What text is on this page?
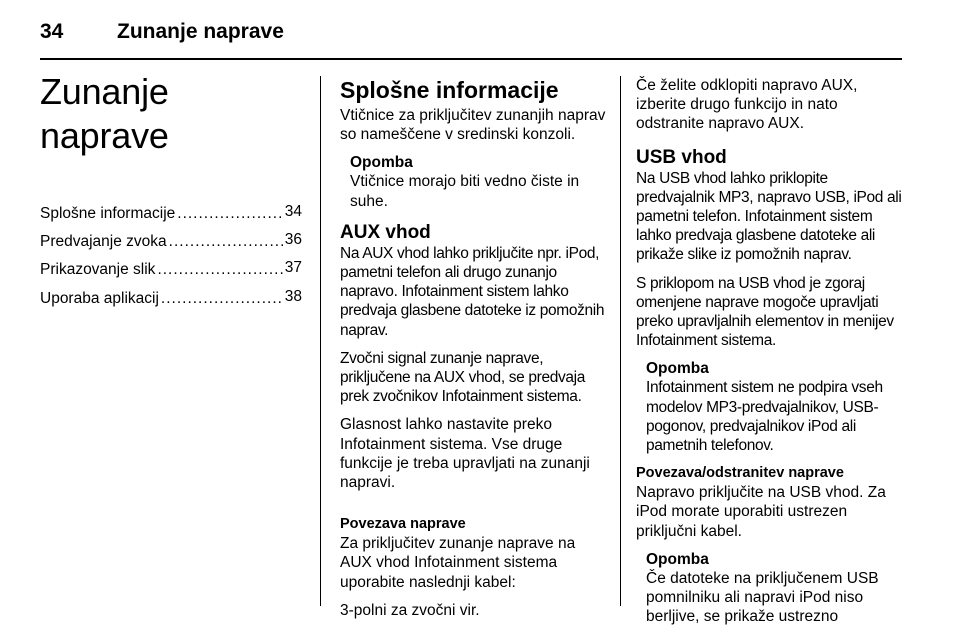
34	Zunanje naprave
Zunanje naprave
Splošne informacije .....	34
Predvajanje zvoka .....	36
Prikazovanje slik .....	37
Uporaba aplikacij .....	38
Splošne informacije

Vtičnice za priključitev zunanjih naprav so nameščene v sredinski konzoli.

Opomba
Vtičnice morajo biti vedno čiste in suhe.
AUX vhod

Na AUX vhod lahko priključite npr. iPod, pametni telefon ali drugo zunanjo napravo. Infotainment sistem lahko predvaja glasbene datoteke iz pomožnih naprav.

Zvočni signal zunanje naprave, priključene na AUX vhod, se predvaja prek zvočnikov Infotainment sistema.

Glasnost lahko nastavite preko Infotainment sistema. Vse druge funkcije je treba upravljati na zunanji napravi.

Povezava naprave

Za priključitev zunanje naprave na AUX vhod Infotainment sistema uporabite naslednji kabel:

3-polni za zvočni vir.

Če želite odklopiti napravo AUX, izberite drugo funkcijo in nato odstranite napravo AUX.

USB vhod

Na USB vhod lahko priklopite predvajalnik MP3, napravo USB, iPod ali pametni telefon. Infotainment sistem lahko predvaja glasbene datoteke ali prikaže slike iz pomožnih naprav.

S priklopom na USB vhod je zgoraj omenjene naprave mogoče upravljati preko upravljalnih elementov in menijev Infotainment sistema.

Opomba
Infotainment sistem ne podpira vseh modelov MP3-predvajalnikov, USB-pogonov, predvajalnikov iPod ali pametnih telefonov.
Povezava/odstranitev naprave

Napravo priključite na USB vhod. Za iPod morate uporabiti ustrezen priključni kabel.

Opomba
Če datoteke na priključenem USB pomnilniku ali napravi iPod niso berljive, se prikaže ustrezno
